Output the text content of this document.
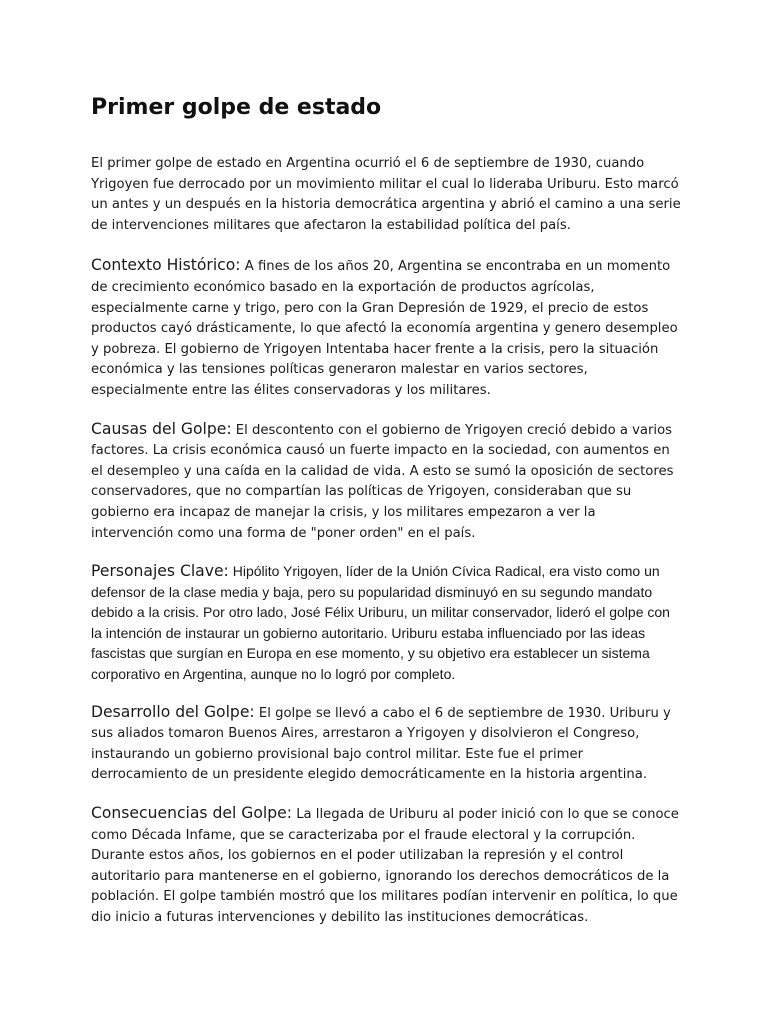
Primer golpe de estado

El primer golpe de estado en Argentina ocurrió el 6 de septiembre de 1930, cuando Yrigoyen fue derrocado por un movimiento militar el cual lo lideraba Uriburu. Esto marcó un antes y un después en la historia democrática argentina y abrió el camino a una serie de intervenciones militares que afectaron la estabilidad política del país.

Contexto Histórico: A fines de los años 20, Argentina se encontraba en un momento de crecimiento económico basado en la exportación de productos agrícolas, especialmente carne y trigo, pero con la Gran Depresión de 1929, el precio de estos productos cayó drásticamente, lo que afectó la economía argentina y genero desempleo y pobreza. El gobierno de Yrigoyen Intentaba hacer frente a la crisis, pero la situación económica y las tensiones políticas generaron malestar en varios sectores, especialmente entre las élites conservadoras y los militares.

Causas del Golpe: El descontento con el gobierno de Yrigoyen creció debido a varios factores. La crisis económica causó un fuerte impacto en la sociedad, con aumentos en el desempleo y una caída en la calidad de vida. A esto se sumó la oposición de sectores conservadores, que no compartían las políticas de Yrigoyen, consideraban que su gobierno era incapaz de manejar la crisis, y los militares empezaron a ver la intervención como una forma de "poner orden" en el país.

Personajes Clave: Hipólito Yrigoyen, líder de la Unión Cívica Radical, era visto como un defensor de la clase media y baja, pero su popularidad disminuyó en su segundo mandato debido a la crisis. Por otro lado, José Félix Uriburu, un militar conservador, lideró el golpe con la intención de instaurar un gobierno autoritario. Uriburu estaba influenciado por las ideas fascistas que surgían en Europa en ese momento, y su objetivo era establecer un sistema corporativo en Argentina, aunque no lo logró por completo.

Desarrollo del Golpe: El golpe se llevó a cabo el 6 de septiembre de 1930. Uriburu y sus aliados tomaron Buenos Aires, arrestaron a Yrigoyen y disolvieron el Congreso, instaurando un gobierno provisional bajo control militar. Este fue el primer derrocamiento de un presidente elegido democráticamente en la historia argentina.

Consecuencias del Golpe: La llegada de Uriburu al poder inició con lo que se conoce como Década Infame, que se caracterizaba por el fraude electoral y la corrupción. Durante estos años, los gobiernos en el poder utilizaban la represión y el control autoritario para mantenerse en el gobierno, ignorando los derechos democráticos de la población. El golpe también mostró que los militares podían intervenir en política, lo que dio inicio a futuras intervenciones y debilito las instituciones democráticas.
